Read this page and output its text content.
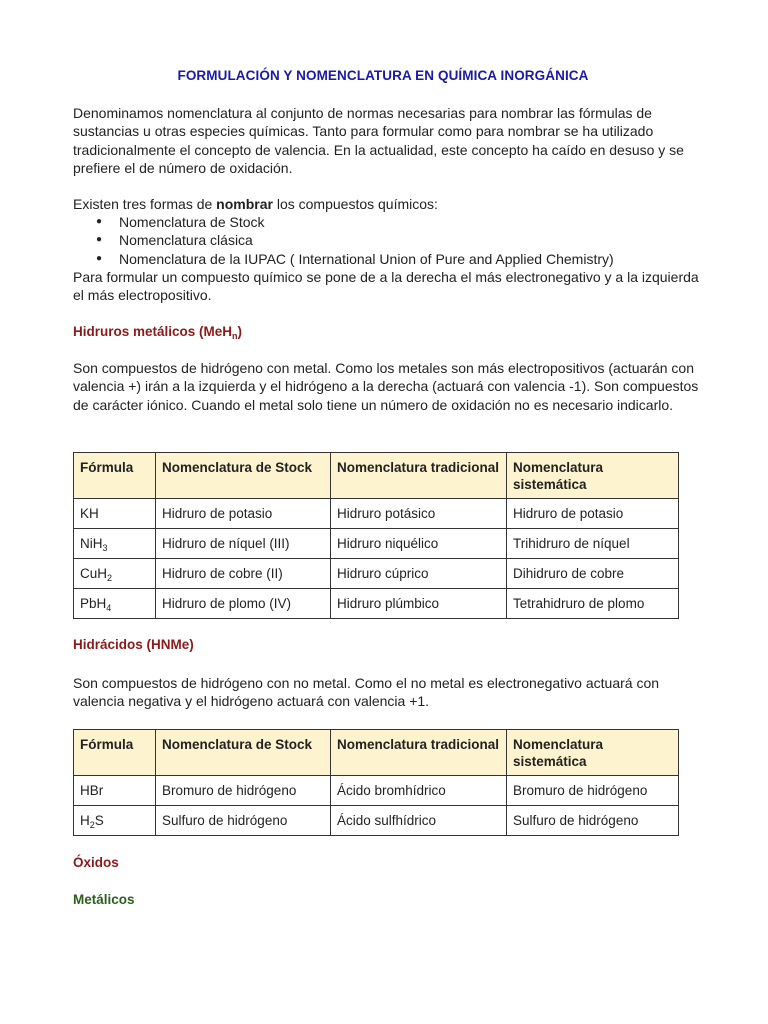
FORMULACIÓN Y NOMENCLATURA EN QUÍMICA INORGÁNICA

Denominamos nomenclatura al conjunto de normas necesarias para nombrar las fórmulas de sustancias u otras especies químicas. Tanto para formular como para nombrar se ha utilizado tradicionalmente el concepto de valencia. En la actualidad, este concepto ha caído en desuso y se prefiere el de número de oxidación.

Existen tres formas de nombrar los compuestos químicos:

● Nomenclatura de Stock
● Nomenclatura clásica
● Nomenclatura de la IUPAC ( International Union of Pure and Applied Chemistry)

Para formular un compuesto químico se pone de a la derecha el más electronegativo y a la izquierda el más electropositivo.

Hidruros metálicos (MeH$_n$)

Son compuestos de hidrógeno con metal. Como los metales son más electropositivos (actuarán con valencia +) irán a la izquierda y el hidrógeno a la derecha (actuará con valencia -1). Son compuestos de carácter iónico. Cuando el metal solo tiene un número de oxidación no es necesario indicarlo.

Fórmula	Nomenclatura de Stock	Nomenclatura tradicional	Nomenclatura sistemática
KH	Hidruro de potasio	Hidruro potásico	Hidruro de potasio
NiH$_3$	Hidruro de níquel (III)	Hidruro niquélico	Trihidruro de níquel
CuH$_2$	Hidruro de cobre (II)	Hidruro cúprico	Dihidruro de cobre
PbH$_4$	Hidruro de plomo (IV)	Hidruro plúmbico	Tetrahidruro de plomo
Hidrácidos (HNMe)

Son compuestos de hidrógeno con no metal. Como el no metal es electronegativo actuará con valencia negativa y el hidrógeno actuará con valencia +1.

Fórmula	Nomenclatura de Stock	Nomenclatura tradicional	Nomenclatura sistemática
HBr	Bromuro de hidrógeno	Ácido bromhídrico	Bromuro de hidrógeno
$H_2S$	Sulfuro de hidrógeno	Ácido sulfhídrico	Sulfuro de hidrógeno
Óxidos
Metálicos
